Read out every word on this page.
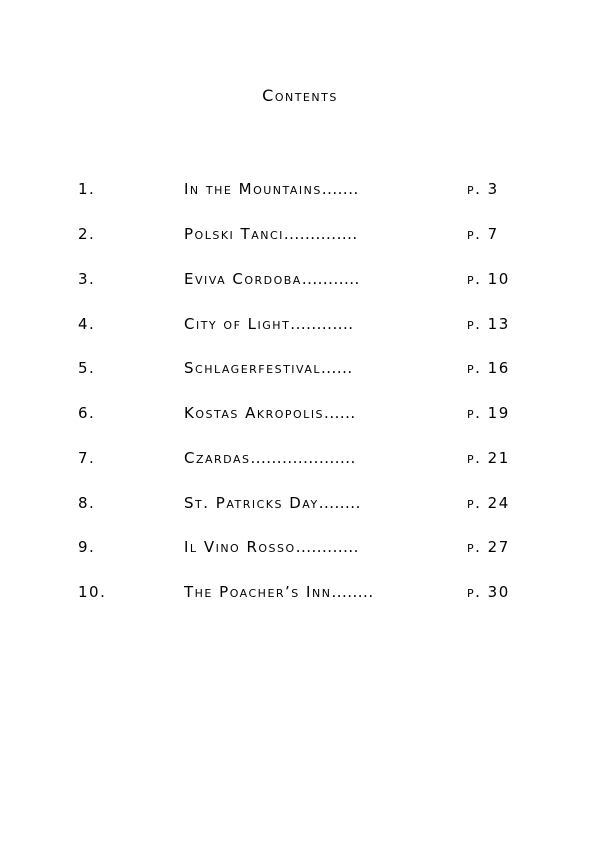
Contents
1.	In the Mountains.......	p. 3
2.	Polski Tanci..............	p. 7
3.	Eviva Cordoba...........	p. 10
4.	City of Light............	p. 13
5.	Schlagerfestival......	p. 16
6.	Kostas Akropolis......	p. 19
7.	Czardas....................	p. 21
8.	St. Patricks Day........	p. 24
9.	Il Vino Rosso............	p. 27
10.	The Poacher’s Inn........	p. 30
